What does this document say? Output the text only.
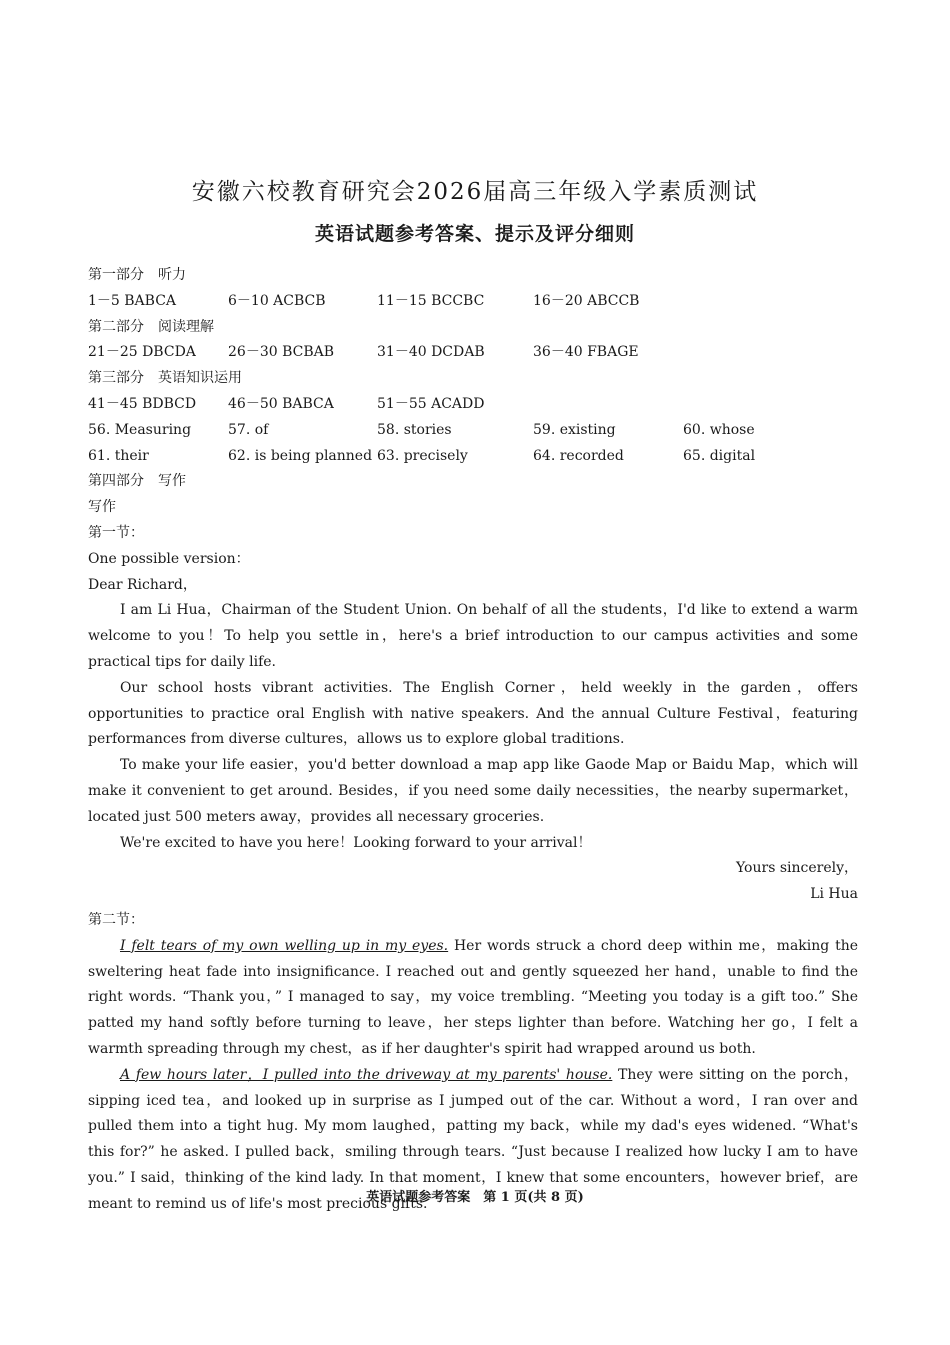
安徽六校教育研究会2026届高三年级入学素质测试
英语试题参考答案、提示及评分细则
第一部分　听力
1－5 BABCA	6－10 ACBCB	11－15 BCCBC	16－20 ABCCB
第二部分　阅读理解
21－25 DBCDA 26－30 BCBAB	31－40 DCDAB	36－40 FBAGE
第三部分　英语知识运用
41－45 BDBCD 46－50 BABCA	51－55 ACADD
56. Measuring	57. of	58. stories	59. existing	60. whose
61. their	62. is being planned 63. precisely	64. recorded	65. digital
第四部分　写作
写作
第一节：
One possible version：
Dear Richard，

I am Li Hua，Chairman of the Student Union. On behalf of all the students，I'd like to extend a warm welcome to you！To help you settle in，here's a brief introduction to our campus activities and some practical tips for daily life.

Our school hosts vibrant activities. The English Corner，held weekly in the garden，offers opportunities to practice oral English with native speakers. And the annual Culture Festival，featuring performances from diverse cultures，allows us to explore global traditions.

To make your life easier，you'd better download a map app like Gaode Map or Baidu Map，which will make it convenient to get around. Besides，if you need some daily necessities，the nearby supermarket，located just 500 meters away，provides all necessary groceries.

We're excited to have you here！Looking forward to your arrival！

Yours sincerely，
Li Hua
第二节：

I felt tears of my own welling up in my eyes. Her words struck a chord deep within me，making the sweltering heat fade into insignificance. I reached out and gently squeezed her hand，unable to find the right words. “Thank you，” I managed to say，my voice trembling. “Meeting you today is a gift too.” She patted my hand softly before turning to leave，her steps lighter than before. Watching her go，I felt a warmth spreading through my chest，as if her daughter's spirit had wrapped around us both.

A few hours later，I pulled into the driveway at my parents' house. They were sitting on the porch，sipping iced tea，and looked up in surprise as I jumped out of the car. Without a word，I ran over and pulled them into a tight hug. My mom laughed，patting my back，while my dad's eyes widened. “What's this for?” he asked. I pulled back，smiling through tears. “Just because I realized how lucky I am to have you.” I said，thinking of the kind lady. In that moment，I knew that some encounters，however brief，are meant to remind us of life's most precious gifts.

英语试题参考答案　第 1 页(共 8 页)
